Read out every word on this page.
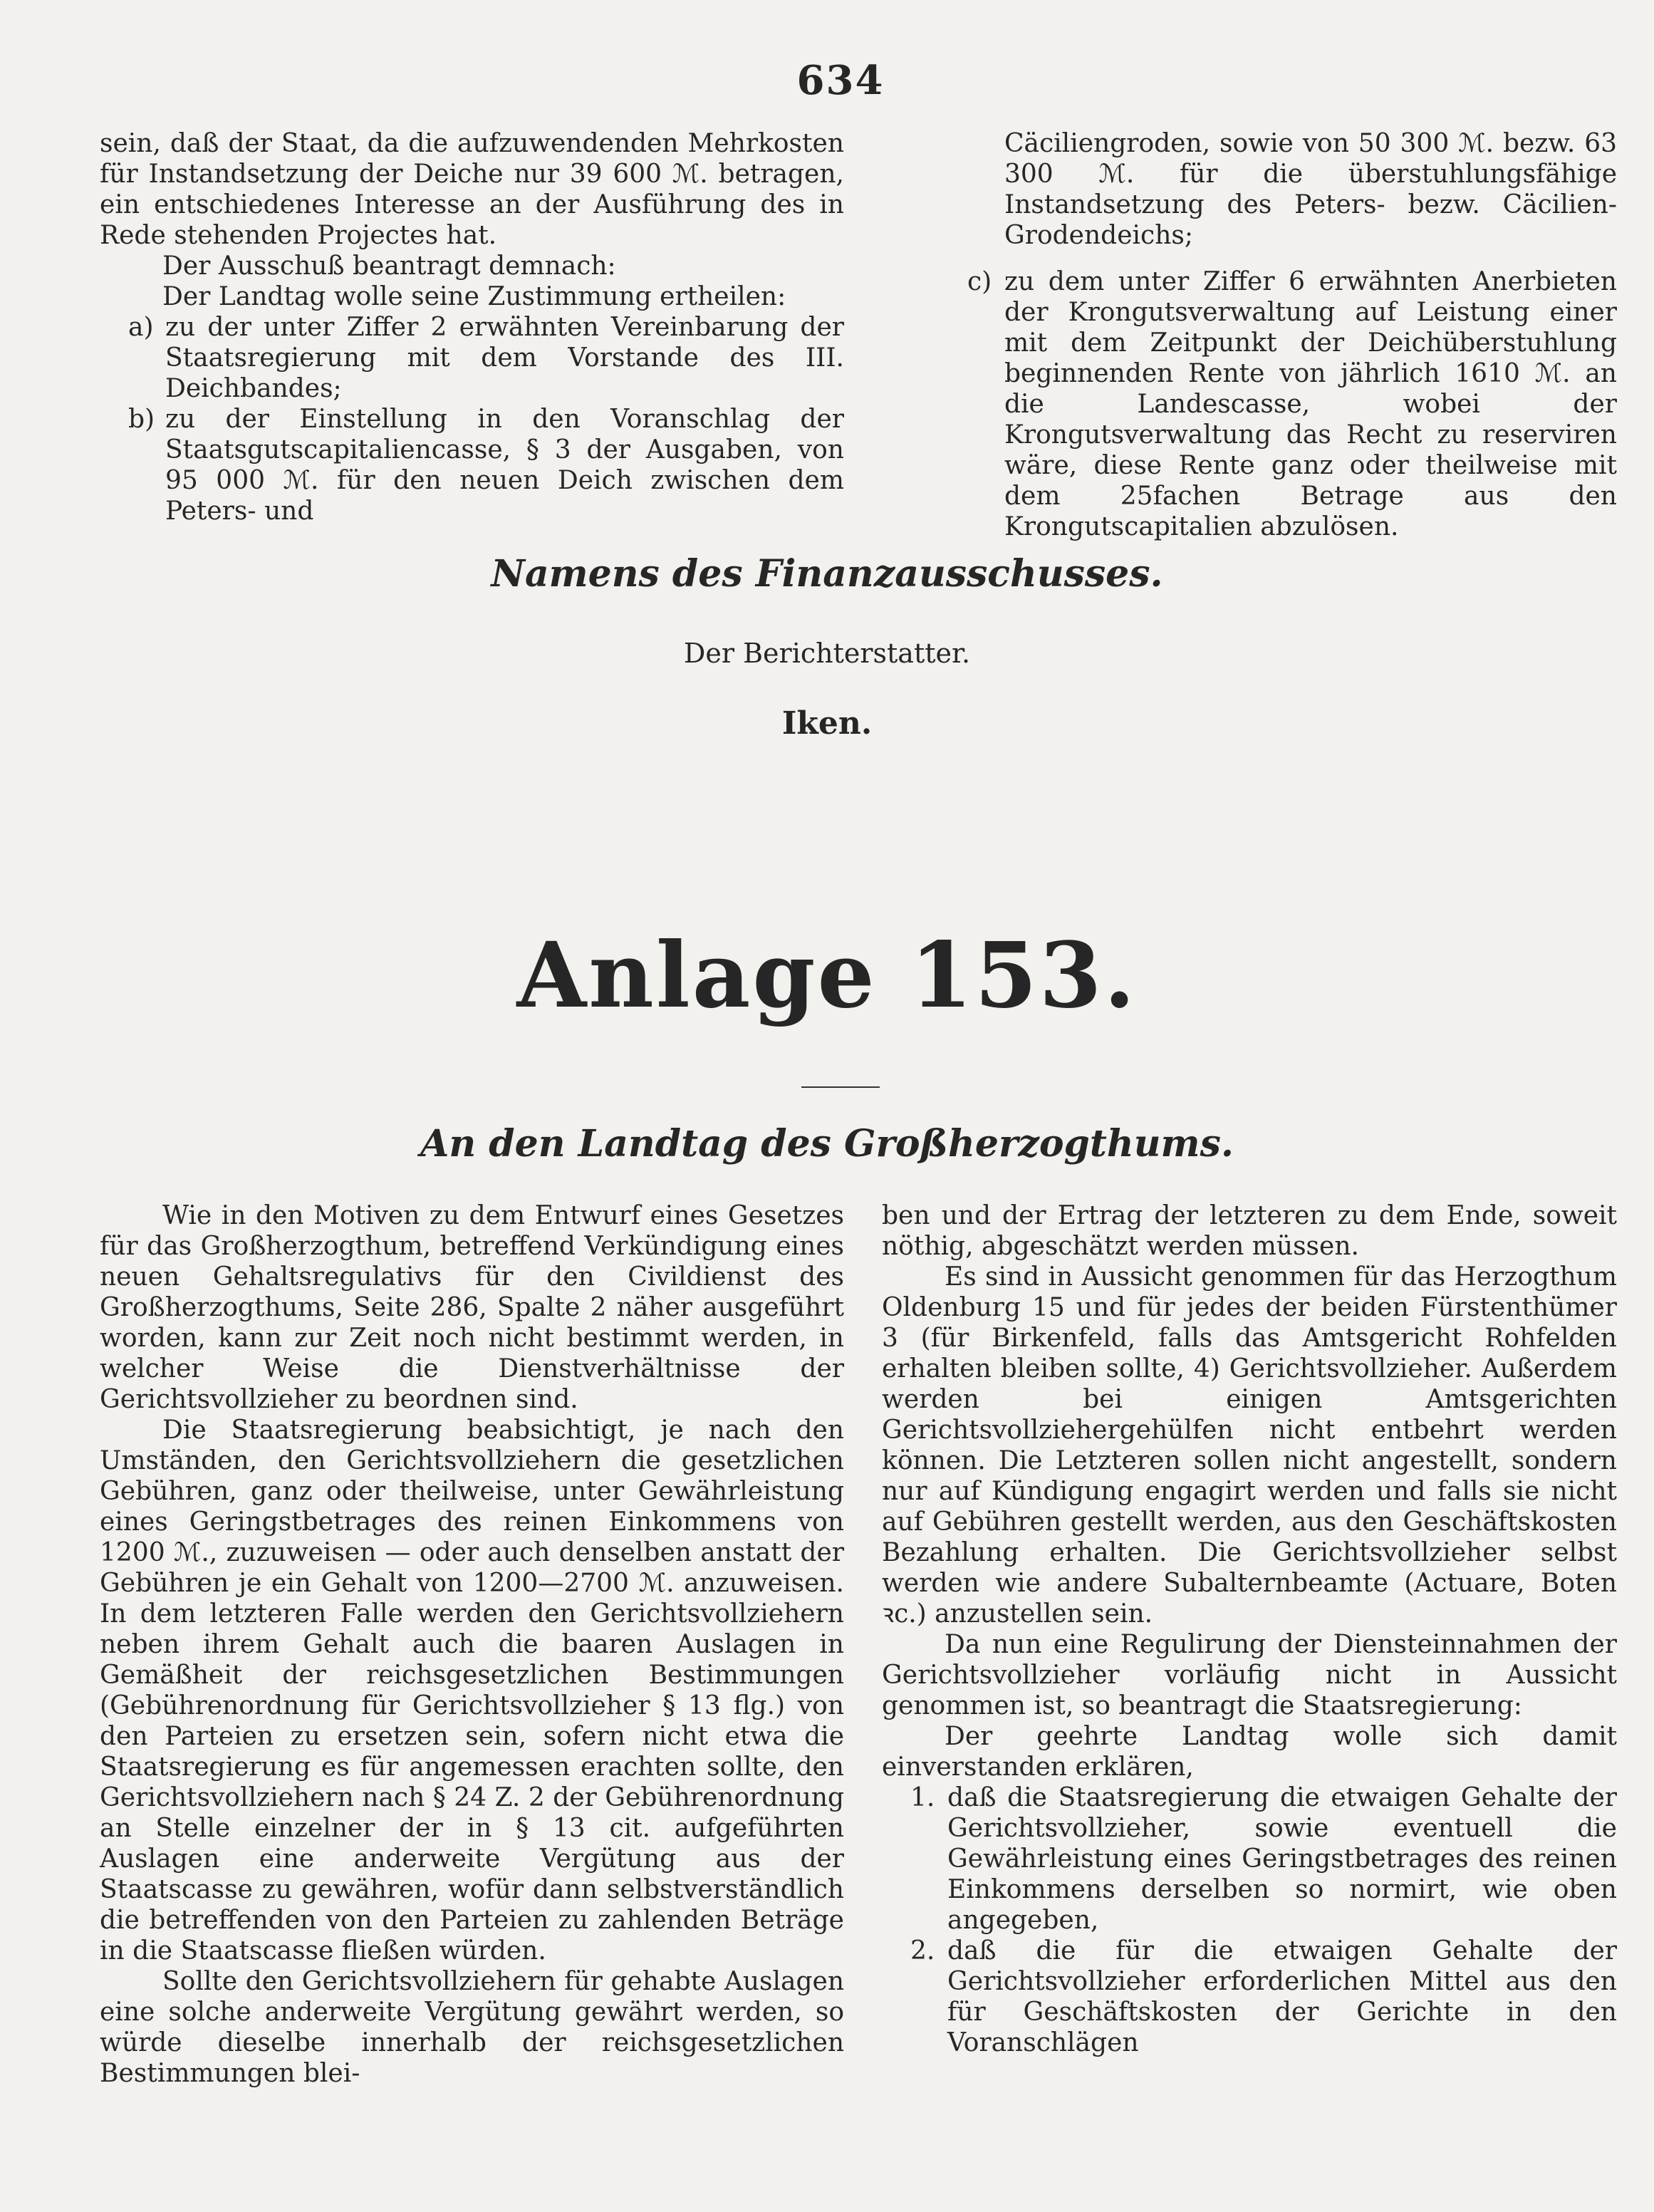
634

sein, daß der Staat, da die aufzuwendenden Mehrkosten für Instandsetzung der Deiche nur 39 600 ℳ. betragen, ein entschiedenes Interesse an der Ausführung des in Rede stehenden Projectes hat.

Der Ausschuß beantragt demnach:

Der Landtag wolle seine Zustimmung ertheilen:

a) zu der unter Ziffer 2 erwähnten Vereinbarung der Staatsregierung mit dem Vorstande des III. Deichbandes;
b) zu der Einstellung in den Voranschlag der Staatsgutscapitaliencasse, § 3 der Ausgaben, von 95 000 ℳ. für den neuen Deich zwischen dem Peters- und

Cäciliengroden, sowie von 50 300 ℳ. bezw. 63 300 ℳ. für die überstuhlungsfähige Instandsetzung des Peters- bezw. Cäcilien-Grodendeichs;

c) zu dem unter Ziffer 6 erwähnten Anerbieten der Krongutsverwaltung auf Leistung einer mit dem Zeitpunkt der Deichüberstuhlung beginnenden Rente von jährlich 1610 ℳ. an die Landescasse, wobei der Krongutsverwaltung das Recht zu reserviren wäre, diese Rente ganz oder theilweise mit dem 25fachen Betrage aus den Krongutscapitalien abzulösen.
Namens des Finanzausschusses.
Der Berichterstatter.
Iken.
Anlage 153.
An den Landtag des Großherzogthums.

Wie in den Motiven zu dem Entwurf eines Gesetzes für das Großherzogthum, betreffend Verkündigung eines neuen Gehaltsregulativs für den Civildienst des Großherzogthums, Seite 286, Spalte 2 näher ausgeführt worden, kann zur Zeit noch nicht bestimmt werden, in welcher Weise die Dienstverhältnisse der Gerichtsvollzieher zu beordnen sind.

Die Staatsregierung beabsichtigt, je nach den Umständen, den Gerichtsvollziehern die gesetzlichen Gebühren, ganz oder theilweise, unter Gewährleistung eines Geringstbetrages des reinen Einkommens von 1200 ℳ., zuzuweisen — oder auch denselben anstatt der Gebühren je ein Gehalt von 1200—2700 ℳ. anzuweisen. In dem letzteren Falle werden den Gerichtsvollziehern neben ihrem Gehalt auch die baaren Auslagen in Gemäßheit der reichsgesetzlichen Bestimmungen (Gebührenordnung für Gerichtsvollzieher § 13 flg.) von den Parteien zu ersetzen sein, sofern nicht etwa die Staatsregierung es für angemessen erachten sollte, den Gerichtsvollziehern nach § 24 Z. 2 der Gebührenordnung an Stelle einzelner der in § 13 cit. aufgeführten Auslagen eine anderweite Vergütung aus der Staatscasse zu gewähren, wofür dann selbstverständlich die betreffenden von den Parteien zu zahlenden Beträge in die Staatscasse fließen würden.

Sollte den Gerichtsvollziehern für gehabte Auslagen eine solche anderweite Vergütung gewährt werden, so würde dieselbe innerhalb der reichsgesetzlichen Bestimmungen blei-

ben und der Ertrag der letzteren zu dem Ende, soweit nöthig, abgeschätzt werden müssen.

Es sind in Aussicht genommen für das Herzogthum Oldenburg 15 und für jedes der beiden Fürstenthümer 3 (für Birkenfeld, falls das Amtsgericht Rohfelden erhalten bleiben sollte, 4) Gerichtsvollzieher. Außerdem werden bei einigen Amtsgerichten Gerichtsvollziehergehülfen nicht entbehrt werden können. Die Letzteren sollen nicht angestellt, sondern nur auf Kündigung engagirt werden und falls sie nicht auf Gebühren gestellt werden, aus den Geschäftskosten Bezahlung erhalten. Die Gerichtsvollzieher selbst werden wie andere Subalternbeamte (Actuare, Boten ꝛc.) anzustellen sein.

Da nun eine Regulirung der Diensteinnahmen der Gerichtsvollzieher vorläufig nicht in Aussicht genommen ist, so beantragt die Staatsregierung:

Der geehrte Landtag wolle sich damit einverstanden erklären,

1. daß die Staatsregierung die etwaigen Gehalte der Gerichtsvollzieher, sowie eventuell die Gewährleistung eines Geringstbetrages des reinen Einkommens derselben so normirt, wie oben angegeben,
2. daß die für die etwaigen Gehalte der Gerichtsvollzieher erforderlichen Mittel aus den für Geschäftskosten der Gerichte in den Voranschlägen
